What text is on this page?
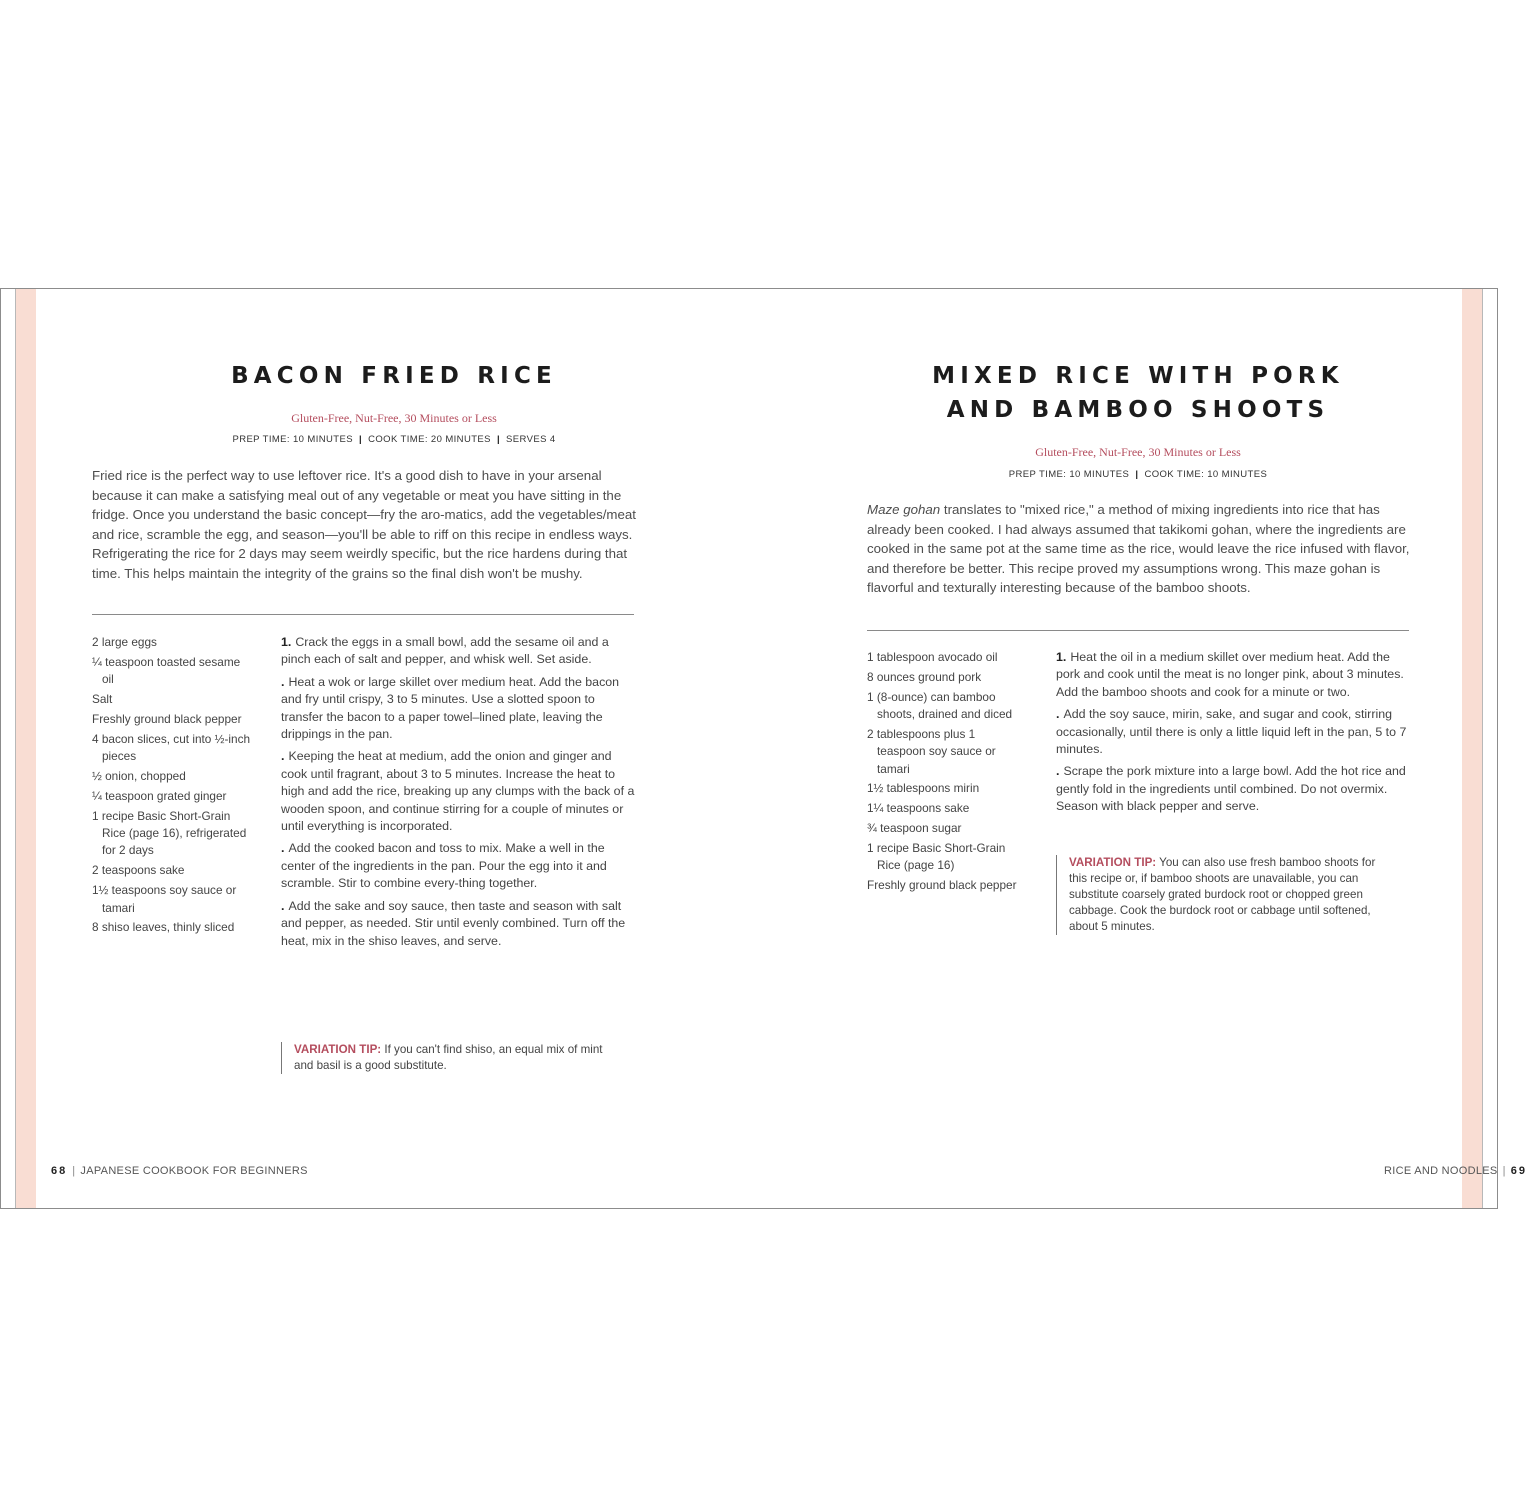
BACON FRIED RICE

Gluten-Free, Nut-Free, 30 Minutes or Less

PREP TIME: 10 MINUTES | COOK TIME: 20 MINUTES | SERVES 4

Fried rice is the perfect way to use leftover rice. It's a good dish to have in your arsenal because it can make a satisfying meal out of any vegetable or meat you have sitting in the fridge. Once you understand the basic concept—fry the aro-matics, add the vegetables/meat and rice, scramble the egg, and season—you'll be able to riff on this recipe in endless ways. Refrigerating the rice for 2 days may seem weirdly specific, but the rice hardens during that time. This helps maintain the integrity of the grains so the final dish won't be mushy.

2 large eggs
¼ teaspoon toasted sesame oil
Salt
Freshly ground black pepper
4 bacon slices, cut into ½-inch pieces
½ onion, chopped
¼ teaspoon grated ginger
1 recipe Basic Short-Grain Rice (page 16), refrigerated for 2 days
2 teaspoons sake
1½ teaspoons soy sauce or tamari
8 shiso leaves, thinly sliced
1. Crack the eggs in a small bowl, add the sesame oil and a pinch each of salt and pepper, and whisk well. Set aside.
. Heat a wok or large skillet over medium heat. Add the bacon and fry until crispy, 3 to 5 minutes. Use a slotted spoon to transfer the bacon to a paper towel–lined plate, leaving the drippings in the pan.
. Keeping the heat at medium, add the onion and ginger and cook until fragrant, about 3 to 5 minutes. Increase the heat to high and add the rice, breaking up any clumps with the back of a wooden spoon, and continue stirring for a couple of minutes or until everything is incorporated.
. Add the cooked bacon and toss to mix. Make a well in the center of the ingredients in the pan. Pour the egg into it and scramble. Stir to combine every-thing together.
. Add the sake and soy sauce, then taste and season with salt and pepper, as needed. Stir until evenly combined. Turn off the heat, mix in the shiso leaves, and serve.

VARIATION TIP: If you can't find shiso, an equal mix of mint and basil is a good substitute.

68 | JAPANESE COOKBOOK FOR BEGINNERS

MIXED RICE WITH PORK
AND BAMBOO SHOOTS

Gluten-Free, Nut-Free, 30 Minutes or Less

PREP TIME: 10 MINUTES | COOK TIME: 10 MINUTES

Maze gohan translates to "mixed rice," a method of mixing ingredients into rice that has already been cooked. I had always assumed that takikomi gohan, where the ingredients are cooked in the same pot at the same time as the rice, would leave the rice infused with flavor, and therefore be better. This recipe proved my assumptions wrong. This maze gohan is flavorful and texturally interesting because of the bamboo shoots.

1 tablespoon avocado oil
8 ounces ground pork
1 (8-ounce) can bamboo shoots, drained and diced
2 tablespoons plus 1 teaspoon soy sauce or tamari
1½ tablespoons mirin
1¼ teaspoons sake
¾ teaspoon sugar
1 recipe Basic Short-Grain Rice (page 16)
Freshly ground black pepper
1. Heat the oil in a medium skillet over medium heat. Add the pork and cook until the meat is no longer pink, about 3 minutes. Add the bamboo shoots and cook for a minute or two.
. Add the soy sauce, mirin, sake, and sugar and cook, stirring occasionally, until there is only a little liquid left in the pan, 5 to 7 minutes.
. Scrape the pork mixture into a large bowl. Add the hot rice and gently fold in the ingredients until combined. Do not overmix. Season with black pepper and serve.

VARIATION TIP: You can also use fresh bamboo shoots for this recipe or, if bamboo shoots are unavailable, you can substitute coarsely grated burdock root or chopped green cabbage. Cook the burdock root or cabbage until softened, about 5 minutes.

RICE AND NOODLES | 69
